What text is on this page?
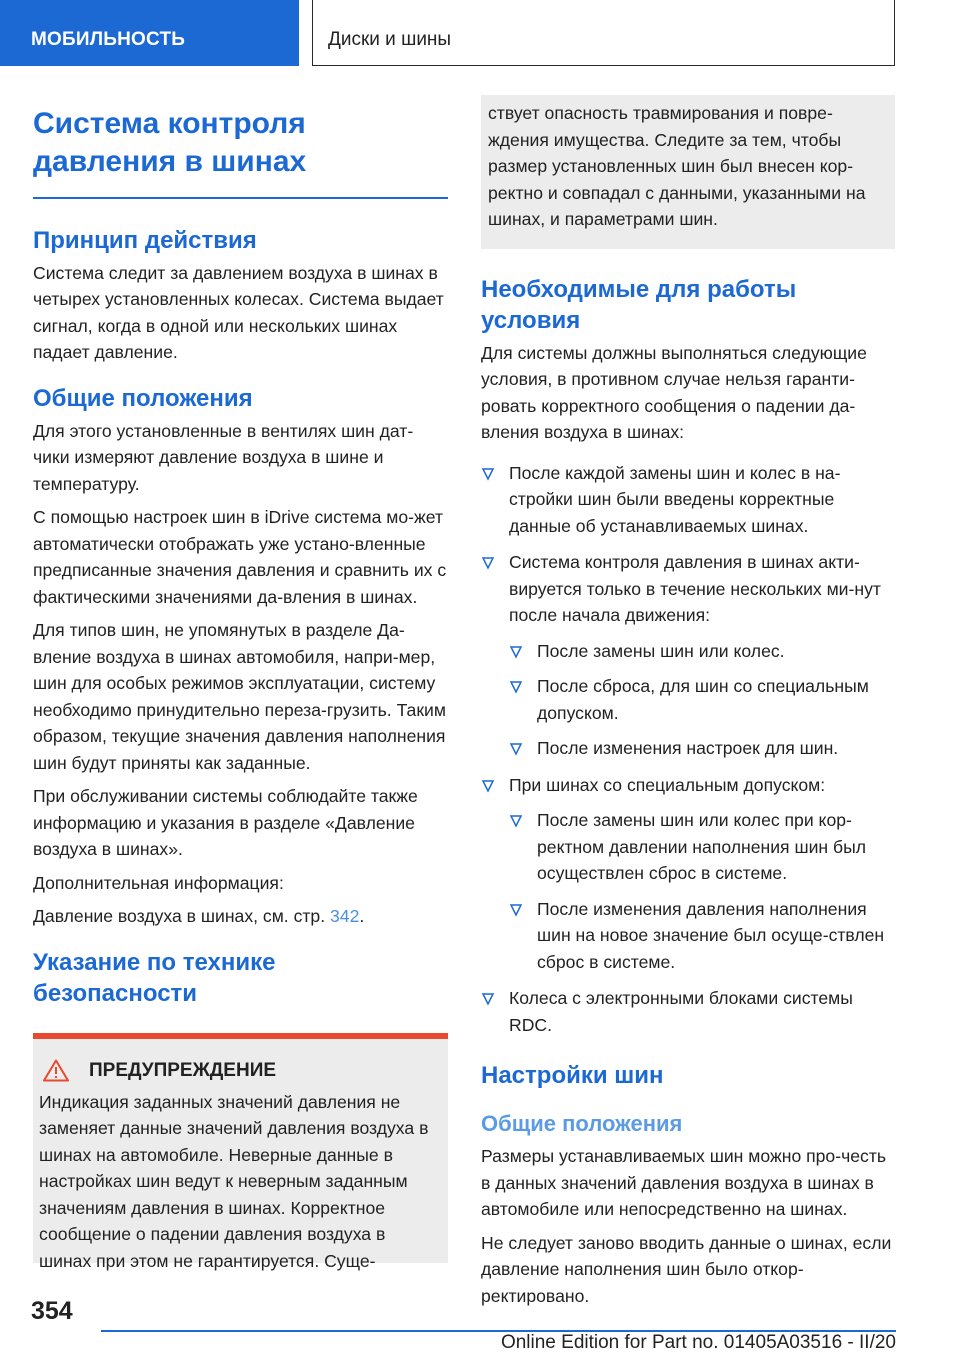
МОБИЛЬНОСТЬ	Диски и шины
Система контроля
давления в шинах
Принцип действия

Система следит за давлением воздуха в шинах в четырех установленных колесах. Система выдает сигнал, когда в одной или нескольких шинах падает давление.

Общие положения

Для этого установленные в вентилях шин дат-чики измеряют давление воздуха в шине и температуру.

С помощью настроек шин в iDrive система мо-жет автоматически отображать уже устано-вленные предписанные значения давления и сравнить их с фактическими значениями да-вления в шинах.

Для типов шин, не упомянутых в разделе Да-вление воздуха в шинах автомобиля, напри-мер, шин для особых режимов эксплуатации, систему необходимо принудительно переза-грузить. Таким образом, текущие значения давления наполнения шин будут приняты как заданные.

При обслуживании системы соблюдайте также информацию и указания в разделе «Давление воздуха в шинах».

Дополнительная информация:

Давление воздуха в шинах, см. стр. 342.

Указание по технике
безопасности
ПРЕДУПРЕЖДЕНИЕ

Индикация заданных значений давления не заменяет данные значений давления воздуха в шинах на автомобиле. Неверные данные в настройках шин ведут к неверным заданным значениям давления в шинах. Корректное сообщение о падении давления воздуха в шинах при этом не гарантируется. Суще-

ствует опасность травмирования и повре-ждения имущества. Следите за тем, чтобы размер установленных шин был внесен кор-ректно и совпадал с данными, указанными на шинах, и параметрами шин.

Необходимые для работы
условия

Для системы должны выполняться следующие условия, в противном случае нельзя гаранти-ровать корректного сообщения о падении да-вления воздуха в шинах:

После каждой замены шин и колес в на-стройки шин были введены корректные данные об устанавливаемых шинах.
Система контроля давления в шинах акти-вируется только в течение нескольких ми-нут после начала движения:
После замены шин или колес.
После сброса, для шин со специальным допуском.
После изменения настроек для шин.
При шинах со специальным допуском:
После замены шин или колес при кор-ректном давлении наполнения шин был осуществлен сброс в системе.
После изменения давления наполнения шин на новое значение был осуще-ствлен сброс в системе.
Колеса с электронными блоками системы RDC.
Настройки шин
Общие положения

Размеры устанавливаемых шин можно про-честь в данных значений давления воздуха в шинах в автомобиле или непосредственно на шинах.

Не следует заново вводить данные о шинах, если давление наполнения шин было откор-ректировано.

354
Online Edition for Part no. 01405A03516 - II/20
